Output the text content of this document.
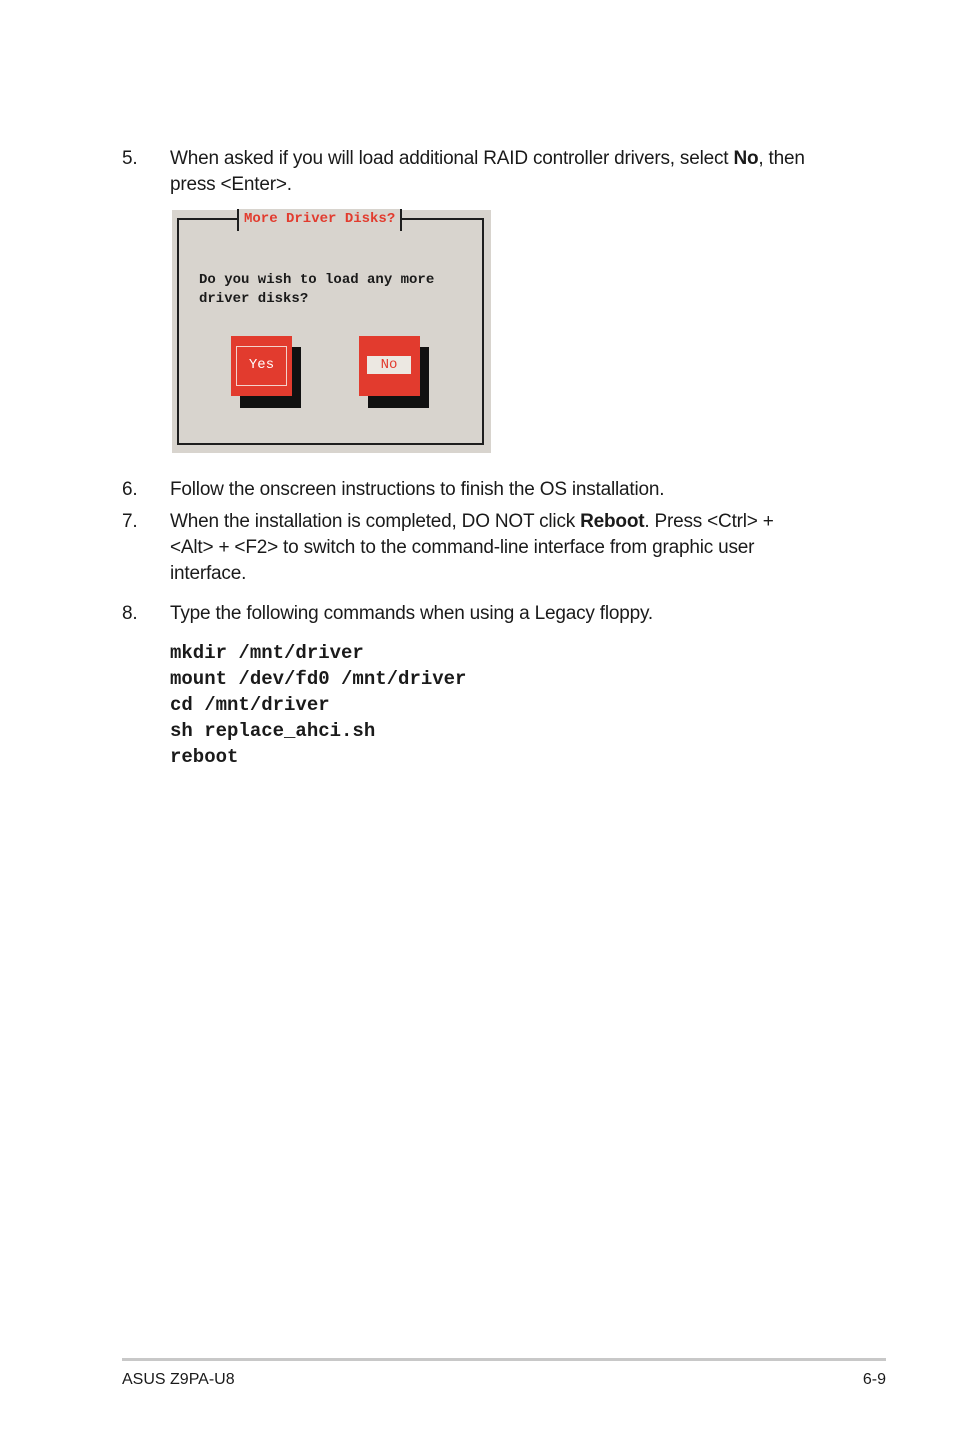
5. When asked if you will load additional RAID controller drivers, select No, then press <Enter>.
More Driver Disks?
Do you wish to load any more
driver disks?
Yes	No
6. Follow the onscreen instructions to finish the OS installation.
7. When the installation is completed, DO NOT click Reboot. Press <Ctrl> + <Alt> + <F2> to switch to the command-line interface from graphic user interface.
8. Type the following commands when using a Legacy floppy.
mkdir /mnt/driver
mount /dev/fd0 /mnt/driver
cd /mnt/driver
sh replace_ahci.sh
reboot
ASUS Z9PA-U8	6-9
